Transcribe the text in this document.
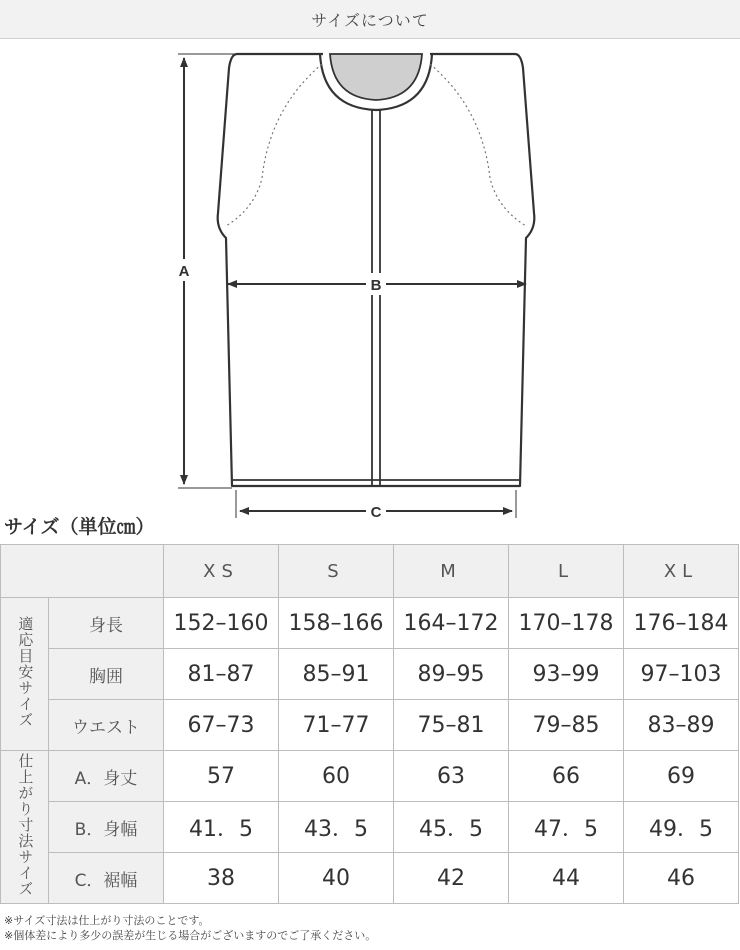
サイズについて
A
B
C
サイズ（単位㎝）
		XS	S	M	L	XL
適応目安サイズ	身長	152–160	158–166	164–172	170–178	176–184
	胸囲	81–87	85–91	89–95	93–99	97–103
	ウエスト	67–73	71–77	75–81	79–85	83–89
仕上がり寸法サイズ	A．身丈	57	60	63	66	69
	B．身幅	41．5	43．5	45．5	47．5	49．5
	C．裾幅	38	40	42	44	46
※サイズ寸法は仕上がり寸法のことです。
※個体差により多少の誤差が生じる場合がございますのでご了承ください。
